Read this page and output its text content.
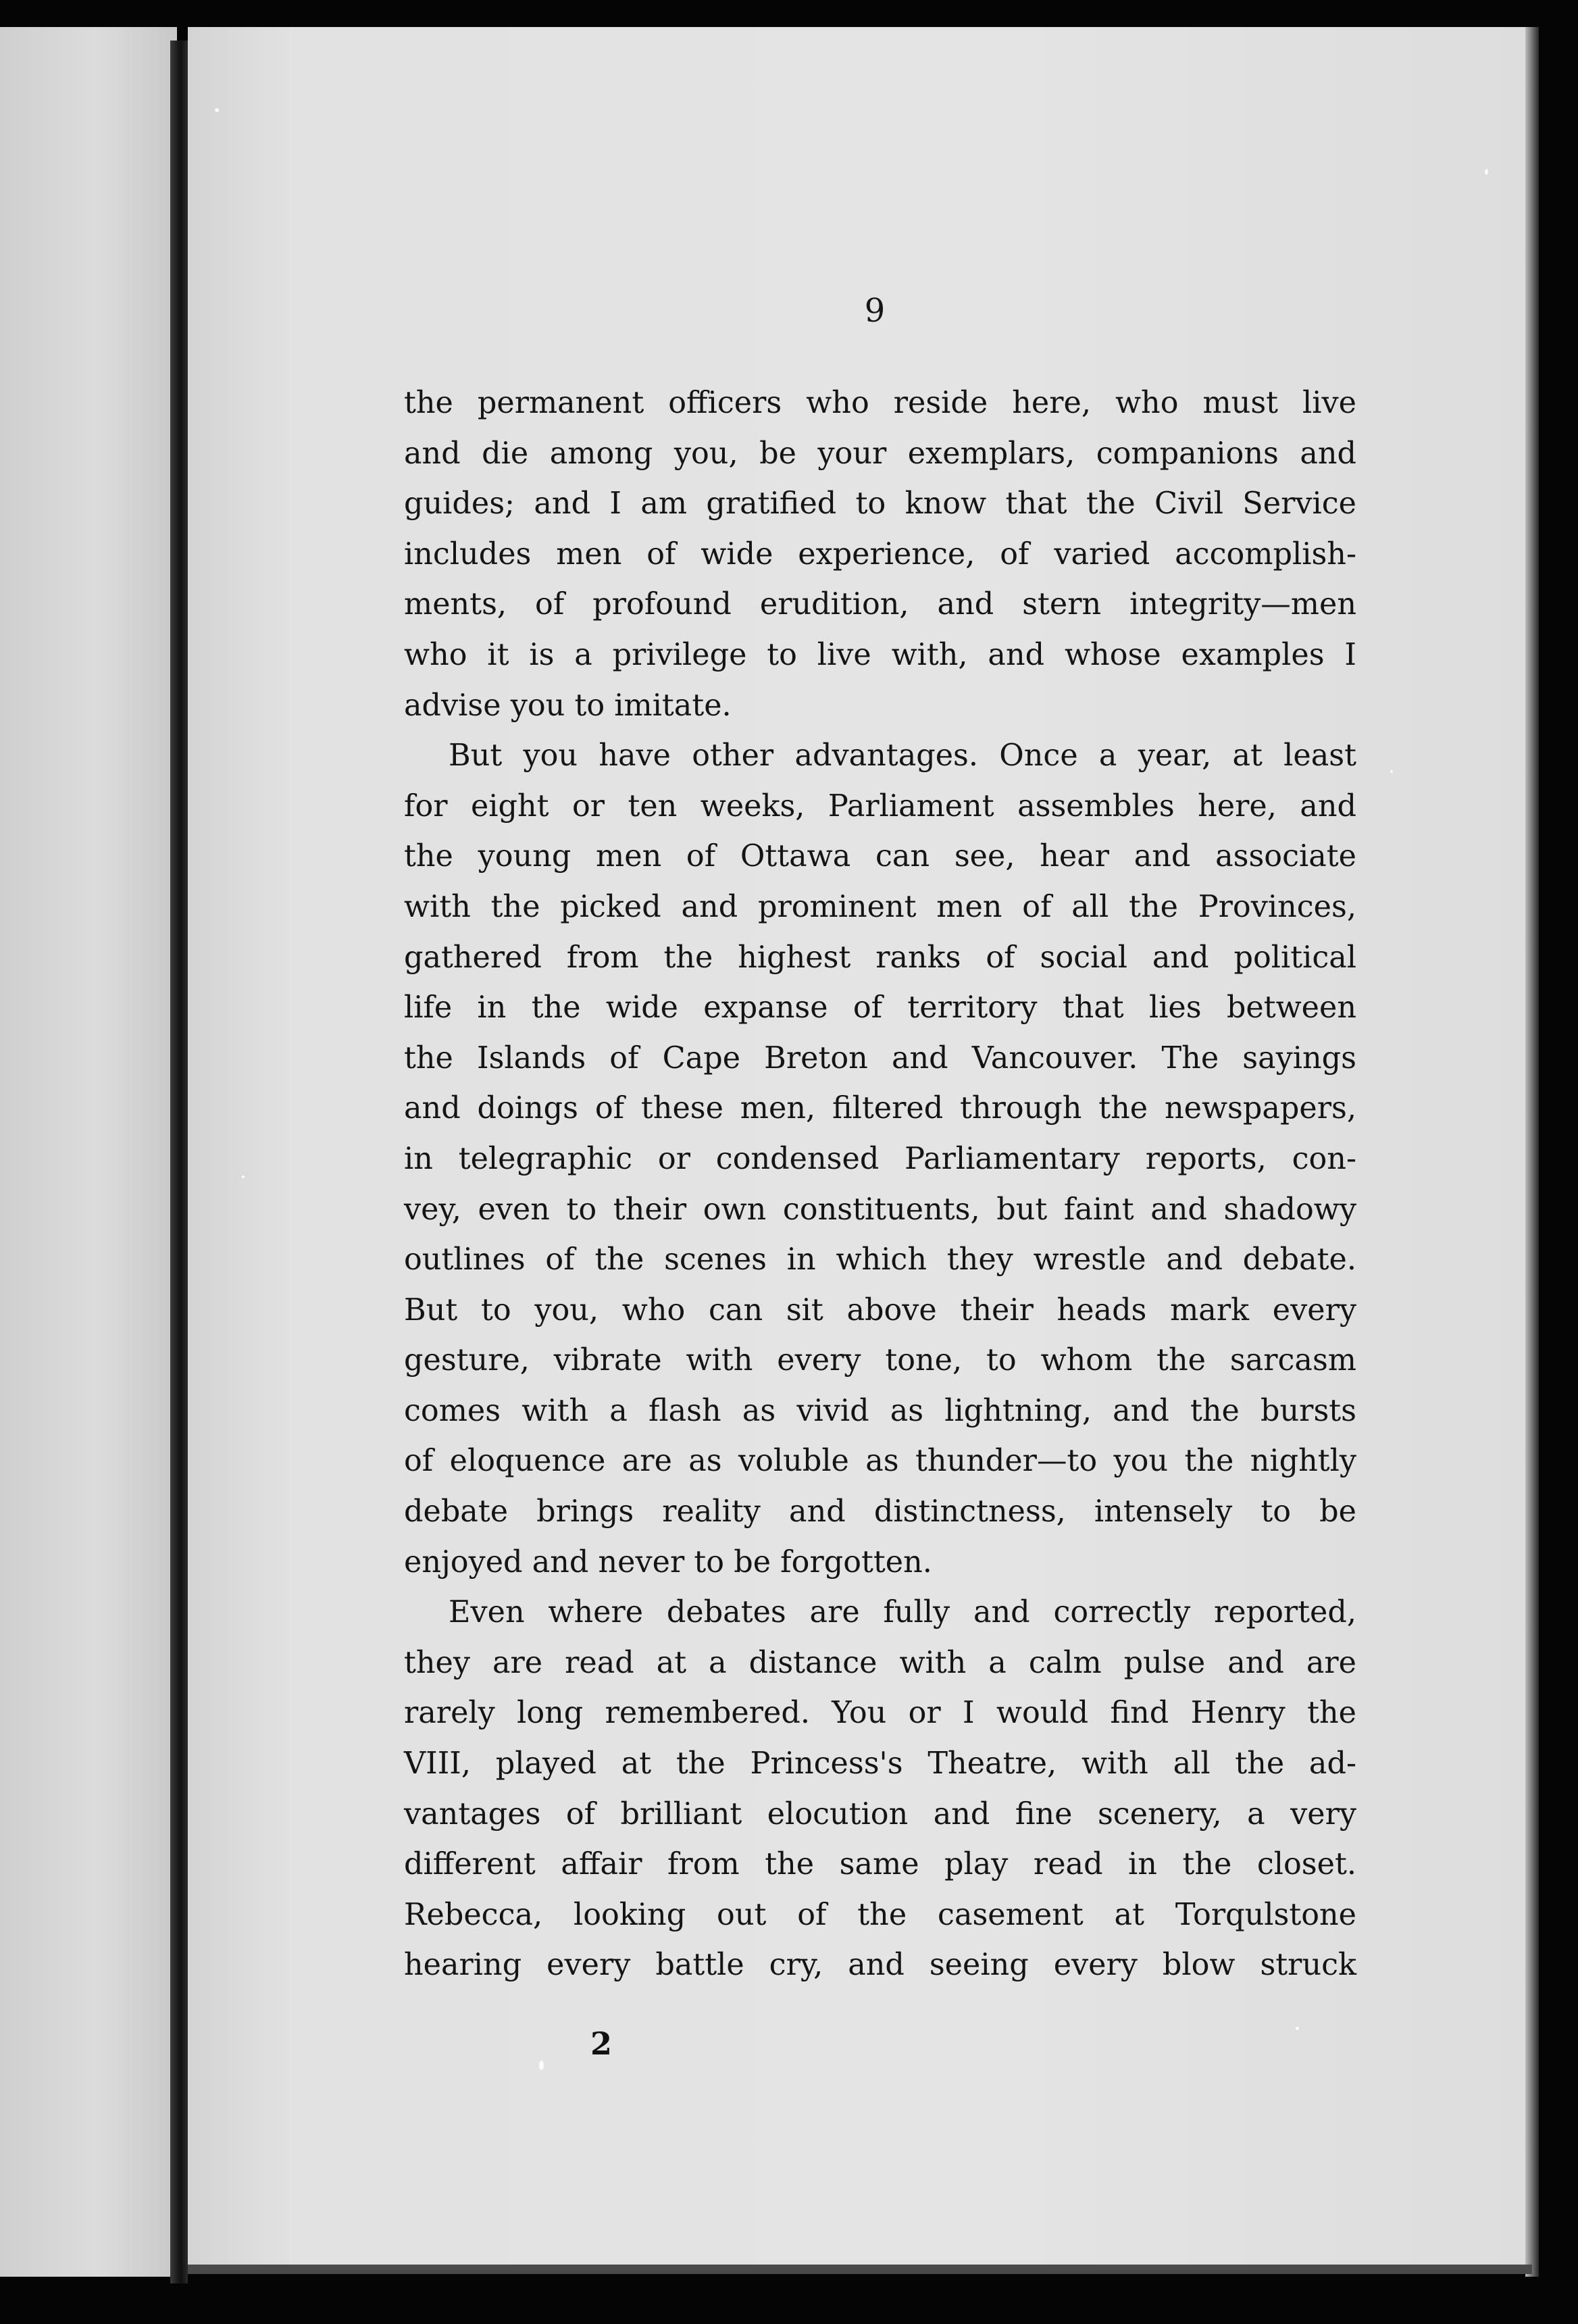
9
the permanent officers who reside here, who must live
and die among you, be your exemplars, companions and
guides; and I am gratified to know that the Civil Service
includes men of wide experience, of varied accomplish-
ments, of profound erudition, and stern integrity—men
who it is a privilege to live with, and whose examples I
advise you to imitate.
But you have other advantages. Once a year, at least
for eight or ten weeks, Parliament assembles here, and
the young men of Ottawa can see, hear and associate
with the picked and prominent men of all the Provinces,
gathered from the highest ranks of social and political
life in the wide expanse of territory that lies between
the Islands of Cape Breton and Vancouver. The sayings
and doings of these men, filtered through the newspapers,
in telegraphic or condensed Parliamentary reports, con-
vey, even to their own constituents, but faint and shadowy
outlines of the scenes in which they wrestle and debate.
But to you, who can sit above their heads mark every
gesture, vibrate with every tone, to whom the sarcasm
comes with a flash as vivid as lightning, and the bursts
of eloquence are as voluble as thunder—to you the nightly
debate brings reality and distinctness, intensely to be
enjoyed and never to be forgotten.
Even where debates are fully and correctly reported,
they are read at a distance with a calm pulse and are
rarely long remembered. You or I would find Henry the
VIII, played at the Princess's Theatre, with all the ad-
vantages of brilliant elocution and fine scenery, a very
different affair from the same play read in the closet.
Rebecca, looking out of the casement at Torqulstone
hearing every battle cry, and seeing every blow struck
2
